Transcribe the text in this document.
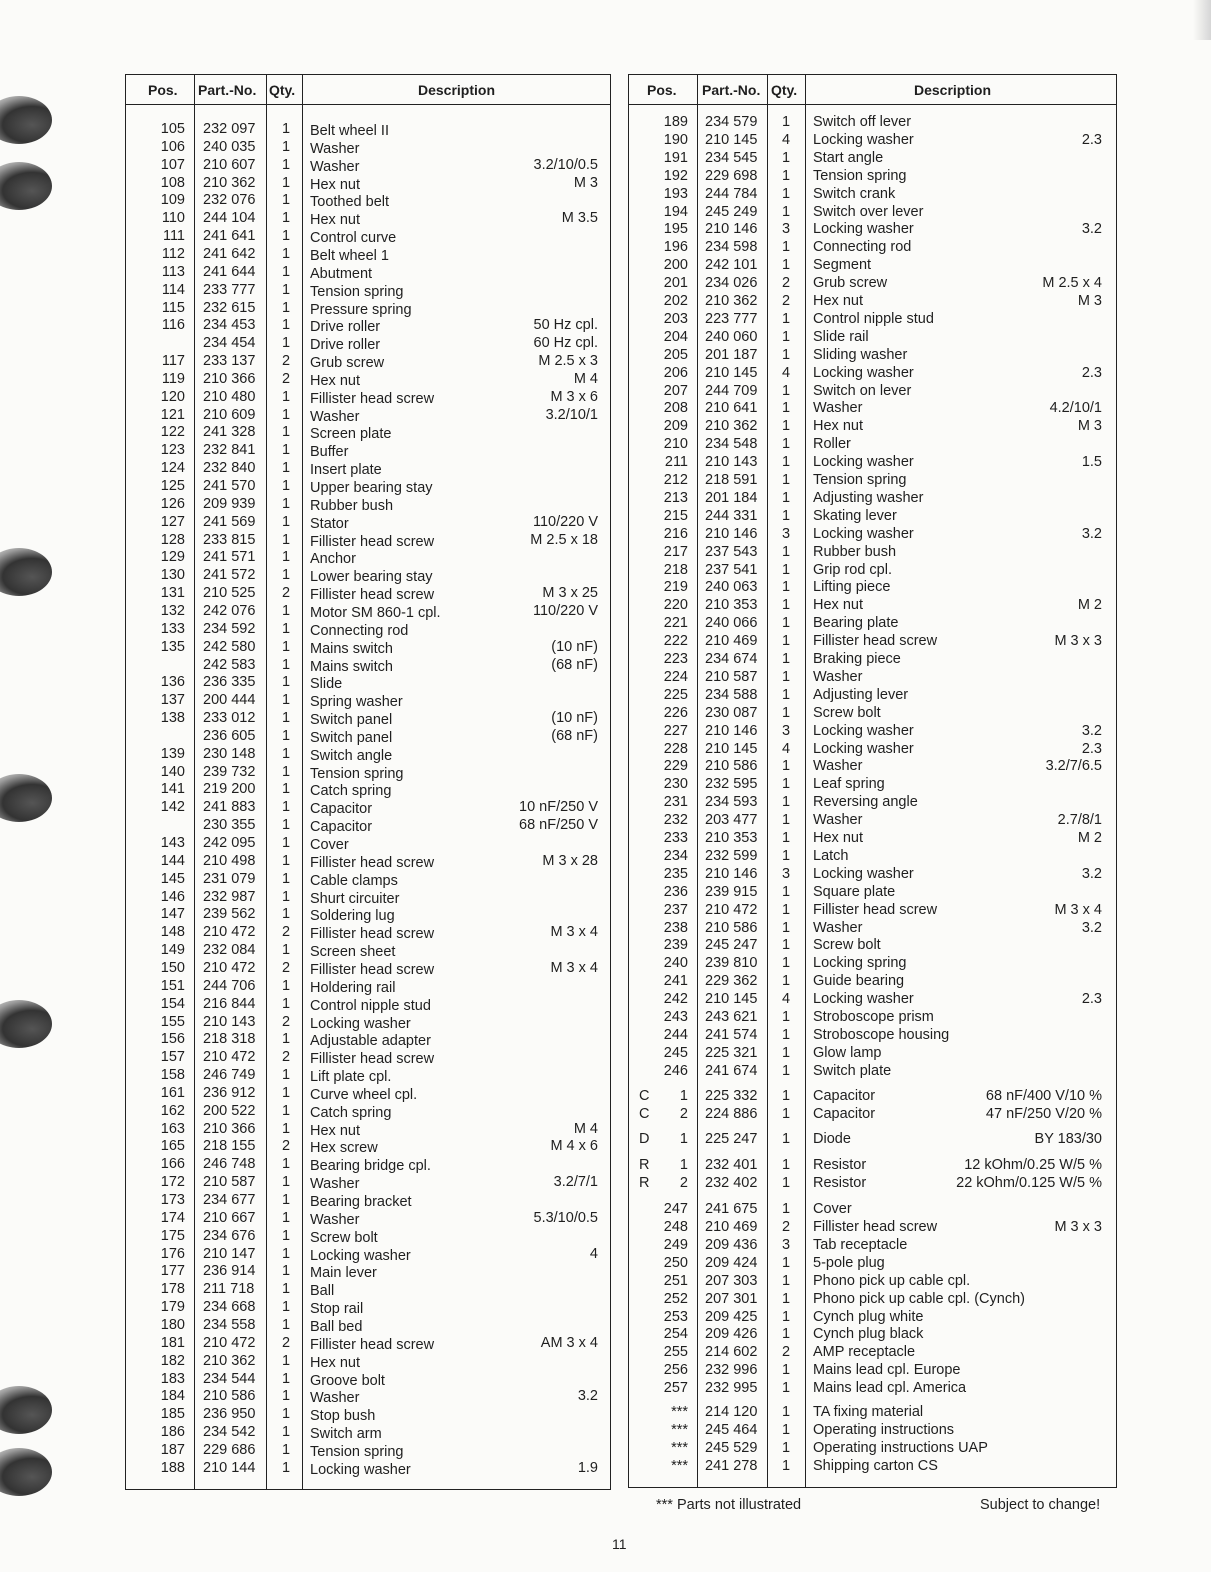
Pos. Part.-No. Qty.	Description
105 232 097	1	Belt wheel II
106 240 035	1	Washer
107 210 607	1	Washer	3.2/10/0.5
108 210 362	1	Hex nut	M 3
109 232 076	1	Toothed belt
110 244 104	1	Hex nut	M 3.5
111 241 641	1	Control curve
112 241 642	1	Belt wheel 1
113 241 644	1	Abutment
114 233 777	1	Tension spring
115 232 615	1	Pressure spring
116 234 453	1	Drive roller	50 Hz cpl.
234 454	1	Drive roller	60 Hz cpl.
117 233 137	2	Grub screw	M 2.5 x 3
119 210 366	2	Hex nut	M 4
120 210 480	1	Fillister head screw	M 3 x 6
121 210 609	1	Washer	3.2/10/1
122 241 328	1	Screen plate
123 232 841	1	Buffer
124 232 840	1	Insert plate
125 241 570	1	Upper bearing stay
126 209 939	1	Rubber bush
127 241 569	1	Stator	110/220 V
128 233 815	1	Fillister head screw	M 2.5 x 18
129 241 571	1	Anchor
130 241 572	1	Lower bearing stay
131 210 525	2	Fillister head screw	M 3 x 25
132 242 076	1	Motor SM 860-1 cpl.	110/220 V
133 234 592	1	Connecting rod
135 242 580	1	Mains switch	(10 nF)
242 583	1	Mains switch	(68 nF)
136 236 335	1	Slide
137 200 444	1	Spring washer
138 233 012	1	Switch panel	(10 nF)
236 605	1	Switch panel	(68 nF)
139 230 148	1	Switch angle
140 239 732	1	Tension spring
141 219 200	1	Catch spring
142 241 883	1	Capacitor	10 nF/250 V
230 355	1	Capacitor	68 nF/250 V
143 242 095	1	Cover
144 210 498	1	Fillister head screw	M 3 x 28
145 231 079	1	Cable clamps
146 232 987	1	Shurt circuiter
147 239 562	1	Soldering lug
148 210 472	2	Fillister head screw	M 3 x 4
149 232 084	1	Screen sheet
150 210 472	2	Fillister head screw	M 3 x 4
151 244 706	1	Holdering rail
154 216 844	1	Control nipple stud
155 210 143	2	Locking washer
156 218 318	1	Adjustable adapter
157 210 472	2	Fillister head screw
158 246 749	1	Lift plate cpl.
161 236 912	1	Curve wheel cpl.
162 200 522	1	Catch spring
163 210 366	1	Hex nut	M 4
165 218 155	2	Hex screw	M 4 x 6
166 246 748	1	Bearing bridge cpl.
172 210 587	1	Washer	3.2/7/1
173 234 677	1	Bearing bracket
174 210 667	1	Washer	5.3/10/0.5
175 234 676	1	Screw bolt
176 210 147	1	Locking washer	4
177 236 914	1	Main lever
178 211 718	1	Ball
179 234 668	1	Stop rail
180 234 558	1	Ball bed
181 210 472	2	Fillister head screw	AM 3 x 4
182 210 362	1	Hex nut
183 234 544	1	Groove bolt
184 210 586	1	Washer	3.2
185 236 950	1	Stop bush
186 234 542	1	Switch arm
187 229 686	1	Tension spring
188 210 144	1	Locking washer	1.9
Pos. Part.-No. Qty.	Description
189 234 579	1	Switch off lever
190 210 145	4	Locking washer	2.3
191 234 545	1	Start angle
192 229 698	1	Tension spring
193 244 784	1	Switch crank
194 245 249	1	Switch over lever
195 210 146	3	Locking washer	3.2
196 234 598	1	Connecting rod
200 242 101	1	Segment
201 234 026	2	Grub screw	M 2.5 x 4
202 210 362	2	Hex nut	M 3
203 223 777	1	Control nipple stud
204 240 060	1	Slide rail
205 201 187	1	Sliding washer
206 210 145	4	Locking washer	2.3
207 244 709	1	Switch on lever
208 210 641	1	Washer	4.2/10/1
209 210 362	1	Hex nut	M 3
210 234 548	1	Roller
211 210 143	1	Locking washer	1.5
212 218 591	1	Tension spring
213 201 184	1	Adjusting washer
215 244 331	1	Skating lever
216 210 146	3	Locking washer	3.2
217 237 543	1	Rubber bush
218 237 541	1	Grip rod cpl.
219 240 063	1	Lifting piece
220 210 353	1	Hex nut	M 2
221 240 066	1	Bearing plate
222 210 469	1	Fillister head screw	M 3 x 3
223 234 674	1	Braking piece
224 210 587	1	Washer
225 234 588	1	Adjusting lever
226 230 087	1	Screw bolt
227 210 146	3	Locking washer	3.2
228 210 145	4	Locking washer	2.3
229 210 586	1	Washer	3.2/7/6.5
230 232 595	1	Leaf spring
231 234 593	1	Reversing angle
232 203 477	1	Washer	2.7/8/1
233 210 353	1	Hex nut	M 2
234 232 599	1	Latch
235 210 146	3	Locking washer	3.2
236 239 915	1	Square plate
237 210 472	1	Fillister head screw	M 3 x 4
238 210 586	1	Washer	3.2
239 245 247	1	Screw bolt
240 239 810	1	Locking spring
241 229 362	1	Guide bearing
242 210 145	4	Locking washer	2.3
243 243 621	1	Stroboscope prism
244 241 574	1	Stroboscope housing
245 225 321	1	Glow lamp
246 241 674	1	Switch plate
C	1 225 332	1	Capacitor	68 nF/400 V/10 %
C	2 224 886	1	Capacitor	47 nF/250 V/20 %
D	1 225 247	1	Diode	BY 183/30
R	1 232 401	1	Resistor	12 kOhm/0.25 W/5 %
R	2 232 402	1	Resistor	22 kOhm/0.125 W/5 %
247 241 675	1	Cover
248 210 469	2	Fillister head screw	M 3 x 3
249 209 436	3	Tab receptacle
250 209 424	1	5-pole plug
251 207 303	1	Phono pick up cable cpl.
252 207 301	1	Phono pick up cable cpl. (Cynch)
253 209 425	1	Cynch plug white
254 209 426	1	Cynch plug black
255 214 602	2	AMP receptacle
256 232 996	1	Mains lead cpl. Europe
257 232 995	1	Mains lead cpl. America
*** 214 120	1	TA fixing material
*** 245 464	1	Operating instructions
*** 245 529	1	Operating instructions UAP
*** 241 278	1	Shipping carton CS
*** Parts not illustrated	Subject to change!
11
